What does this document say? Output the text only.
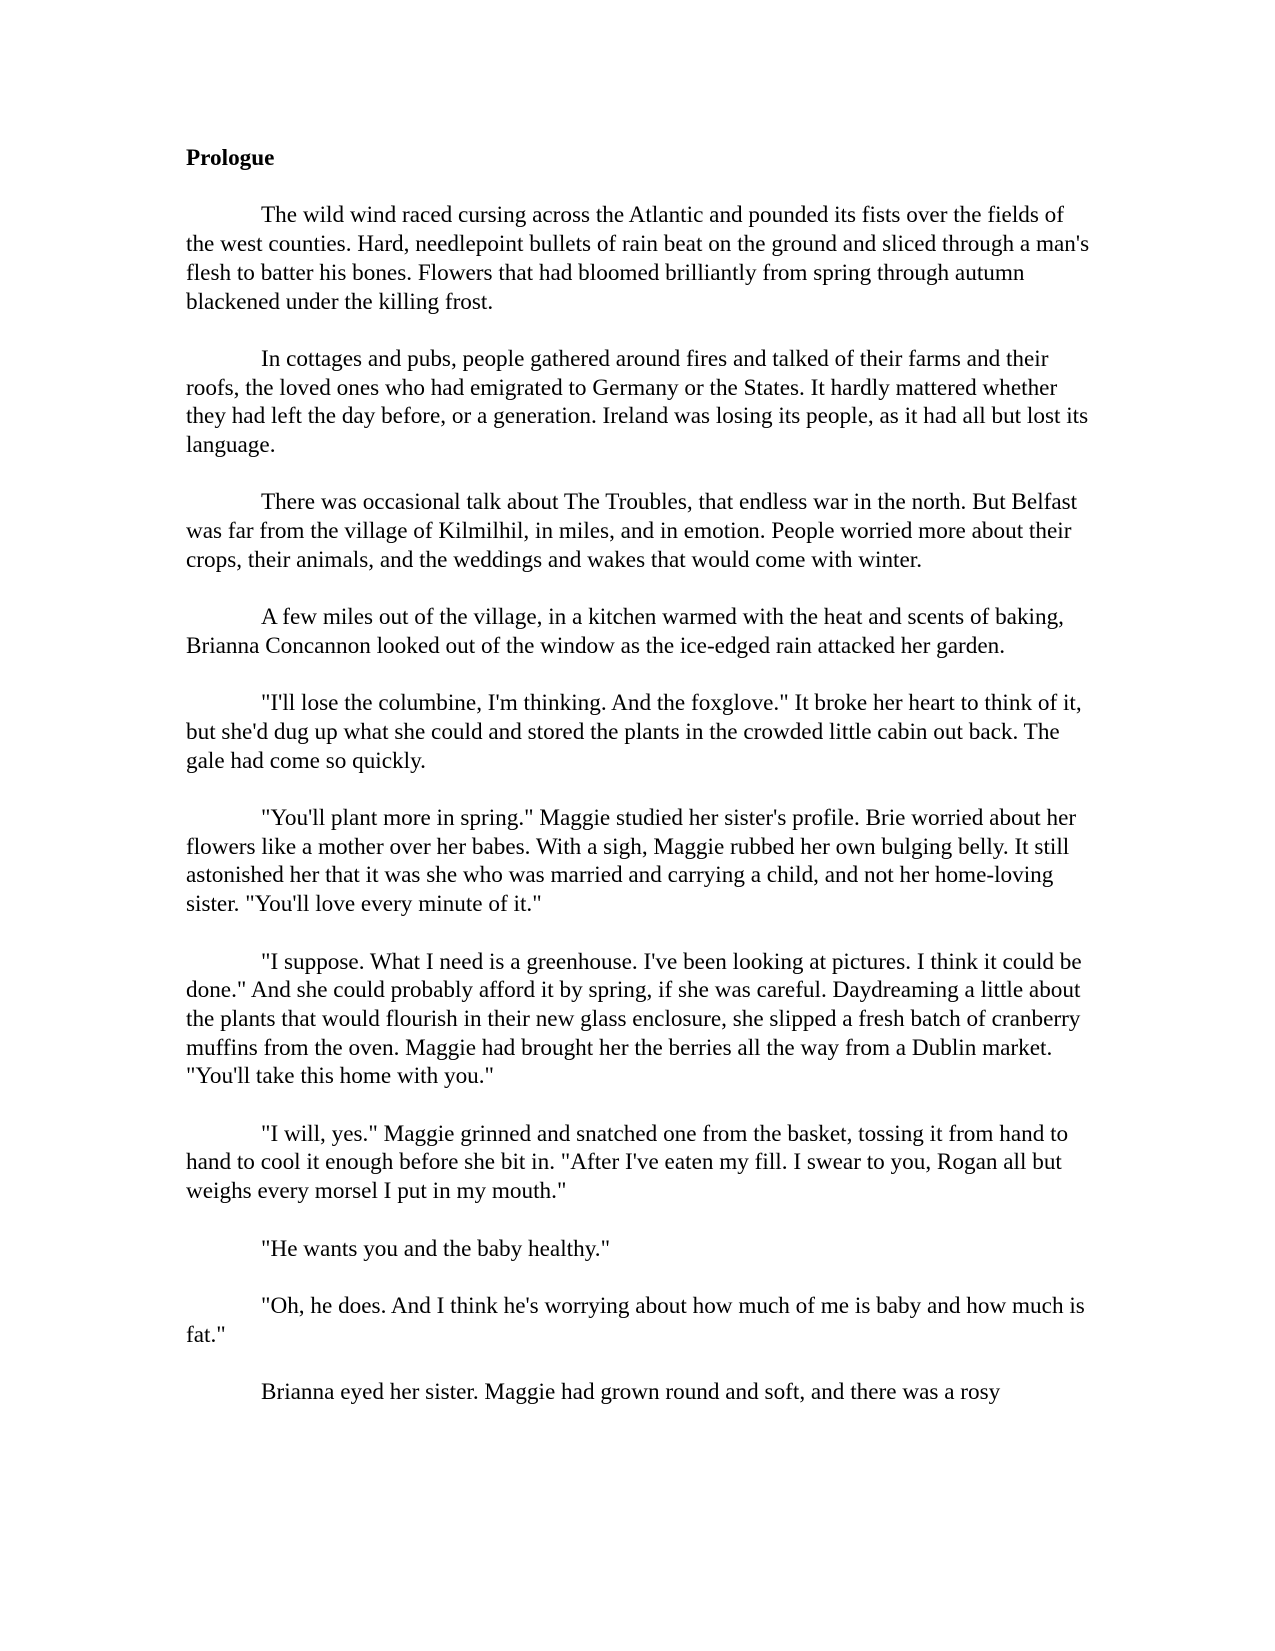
Prologue

The wild wind raced cursing across the Atlantic and pounded its fists over the fields of the west counties. Hard, needlepoint bullets of rain beat on the ground and sliced through a man's flesh to batter his bones. Flowers that had bloomed brilliantly from spring through autumn blackened under the killing frost.

In cottages and pubs, people gathered around fires and talked of their farms and their roofs, the loved ones who had emigrated to Germany or the States. It hardly mattered whether they had left the day before, or a generation. Ireland was losing its people, as it had all but lost its language.

There was occasional talk about The Troubles, that endless war in the north. But Belfast was far from the village of Kilmilhil, in miles, and in emotion. People worried more about their crops, their animals, and the weddings and wakes that would come with winter.

A few miles out of the village, in a kitchen warmed with the heat and scents of baking, Brianna Concannon looked out of the window as the ice-edged rain attacked her garden.

"I'll lose the columbine, I'm thinking. And the foxglove." It broke her heart to think of it, but she'd dug up what she could and stored the plants in the crowded little cabin out back. The gale had come so quickly.

"You'll plant more in spring." Maggie studied her sister's profile. Brie worried about her flowers like a mother over her babes. With a sigh, Maggie rubbed her own bulging belly. It still astonished her that it was she who was married and carrying a child, and not her home-loving sister. "You'll love every minute of it."

"I suppose. What I need is a greenhouse. I've been looking at pictures. I think it could be done." And she could probably afford it by spring, if she was careful. Daydreaming a little about the plants that would flourish in their new glass enclosure, she slipped a fresh batch of cranberry muffins from the oven. Maggie had brought her the berries all the way from a Dublin market. "You'll take this home with you."

"I will, yes." Maggie grinned and snatched one from the basket, tossing it from hand to hand to cool it enough before she bit in. "After I've eaten my fill. I swear to you, Rogan all but weighs every morsel I put in my mouth."

"He wants you and the baby healthy."

"Oh, he does. And I think he's worrying about how much of me is baby and how much is fat."

Brianna eyed her sister. Maggie had grown round and soft, and there was a rosy
